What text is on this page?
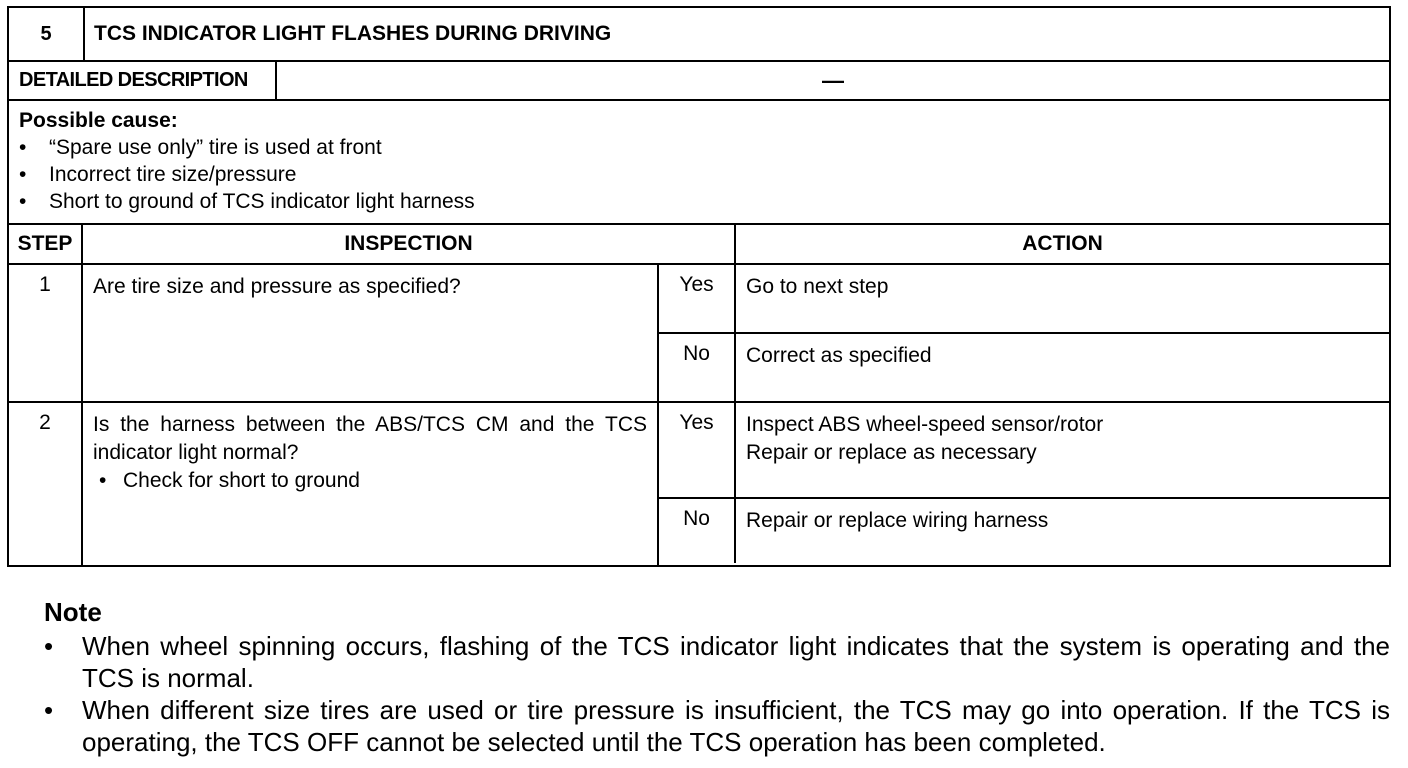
5	TCS INDICATOR LIGHT FLASHES DURING DRIVING
DETAILED DESCRIPTION	—
Possible cause:
•	“Spare use only” tire is used at front
•	Incorrect tire size/pressure
•	Short to ground of TCS indicator light harness
STEP	INSPECTION	ACTION
1	Are tire size and pressure as specified?	Yes	Go to next step
No	Correct as specified
2	Is the harness between the ABS/TCS CM and the TCS indicator light normal?
• Check for short to ground
Yes	Inspect ABS wheel-speed sensor/rotor
Repair or replace as necessary
No	Repair or replace wiring harness
Note
•	When wheel spinning occurs, flashing of the TCS indicator light indicates that the system is operating and the TCS is normal.
•	When different size tires are used or tire pressure is insufficient, the TCS may go into operation. If the TCS is operating, the TCS OFF cannot be selected until the TCS operation has been completed.
